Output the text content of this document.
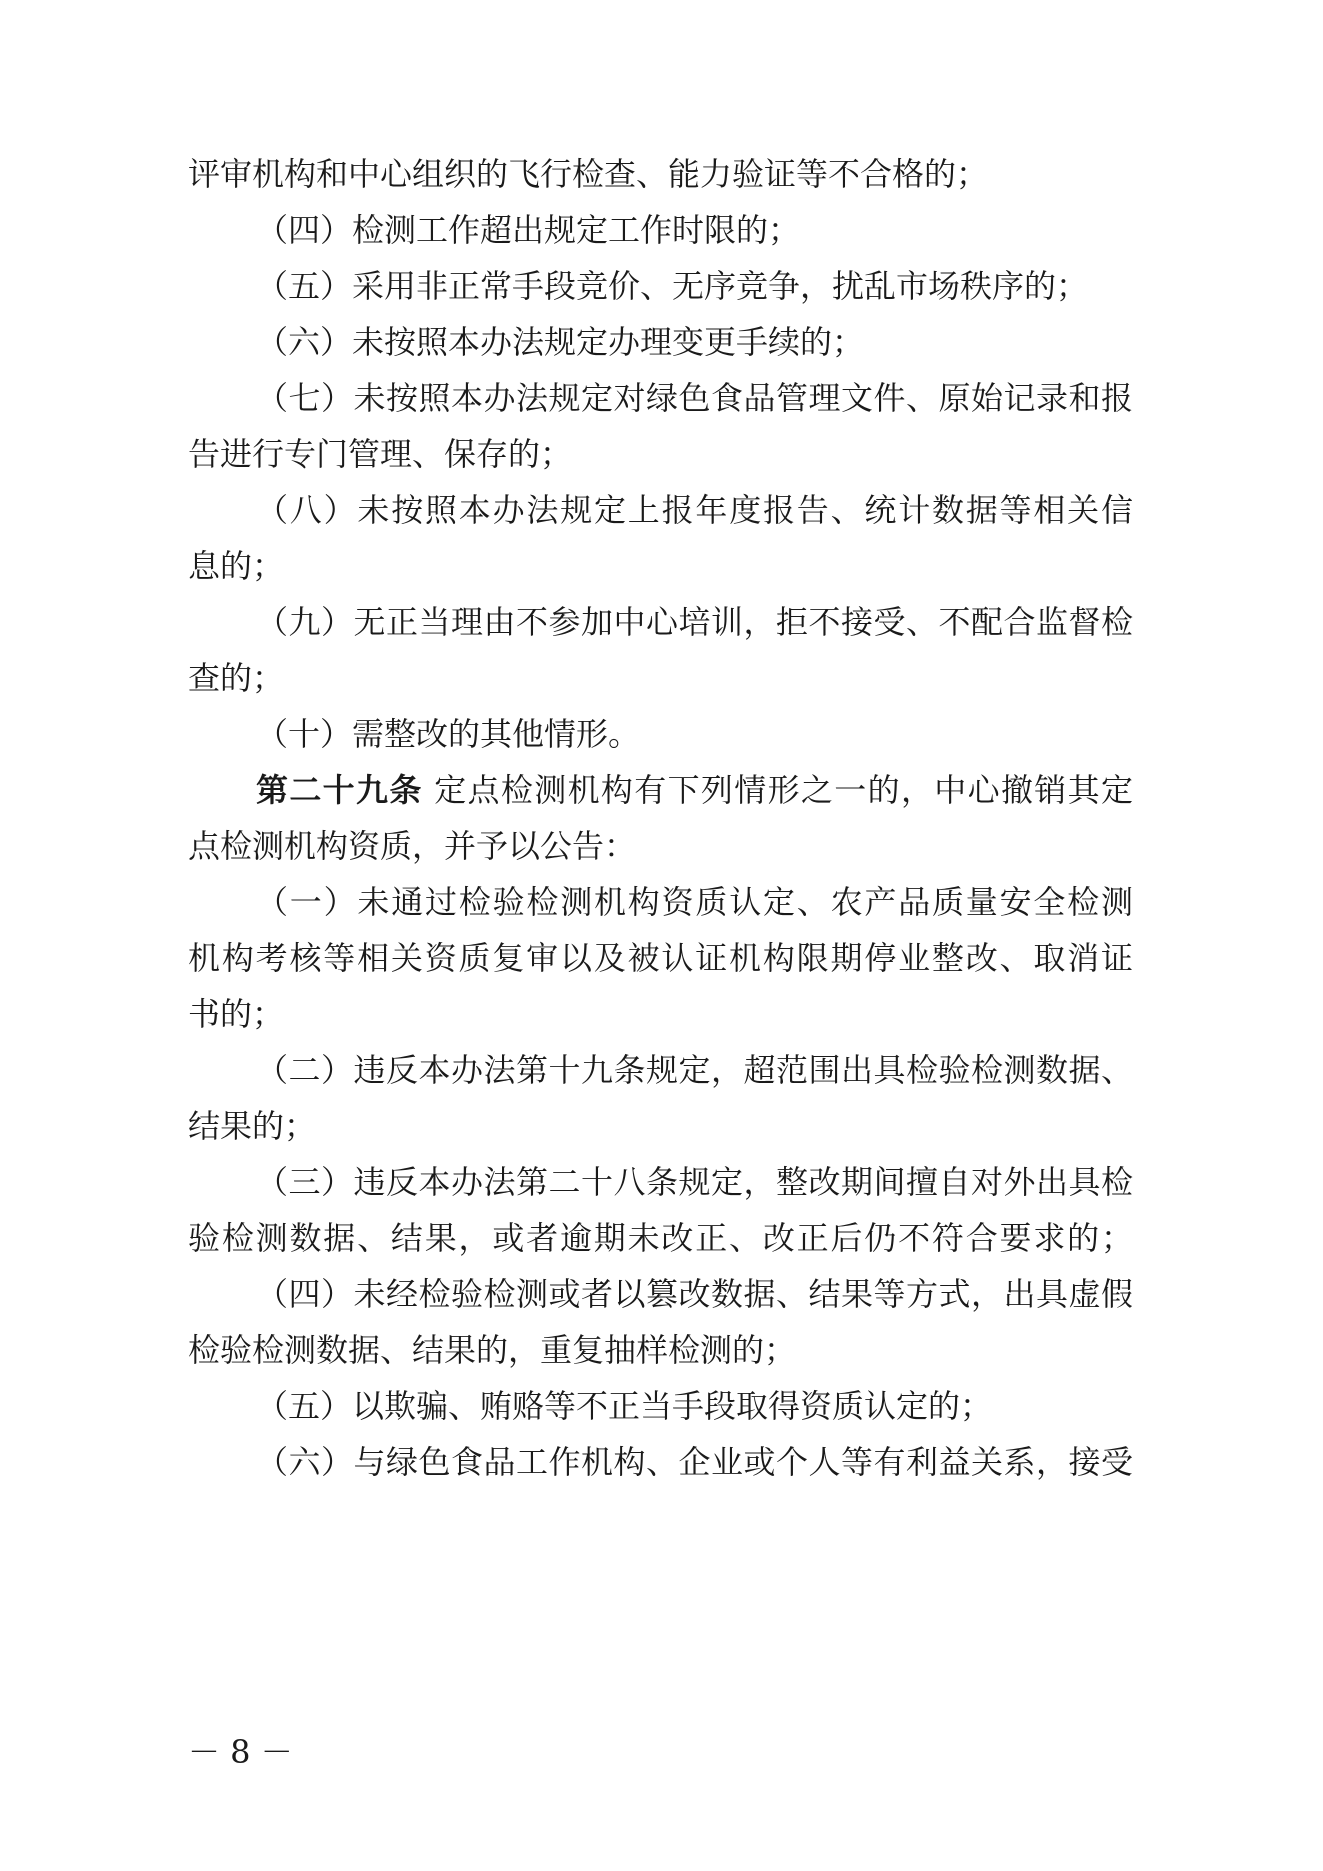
评审机构和中心组织的飞行检查、能力验证等不合格的；
（四）检测工作超出规定工作时限的；
（五）采用非正常手段竞价、无序竞争，扰乱市场秩序的；
（六）未按照本办法规定办理变更手续的；
（七）未按照本办法规定对绿色食品管理文件、原始记录和报
告进行专门管理、保存的；
（八）未按照本办法规定上报年度报告、统计数据等相关信
息的；
（九）无正当理由不参加中心培训，拒不接受、不配合监督检
查的；
（十）需整改的其他情形。
第二十九条 定点检测机构有下列情形之一的，中心撤销其定
点检测机构资质，并予以公告：
（一）未通过检验检测机构资质认定、农产品质量安全检测
机构考核等相关资质复审以及被认证机构限期停业整改、取消证
书的；
（二）违反本办法第十九条规定，超范围出具检验检测数据、
结果的；
（三）违反本办法第二十八条规定，整改期间擅自对外出具检
验检测数据、结果，或者逾期未改正、改正后仍不符合要求的；
（四）未经检验检测或者以篡改数据、结果等方式，出具虚假
检验检测数据、结果的，重复抽样检测的；
（五）以欺骗、贿赂等不正当手段取得资质认定的；
（六）与绿色食品工作机构、企业或个人等有利益关系，接受
－ 8 －
